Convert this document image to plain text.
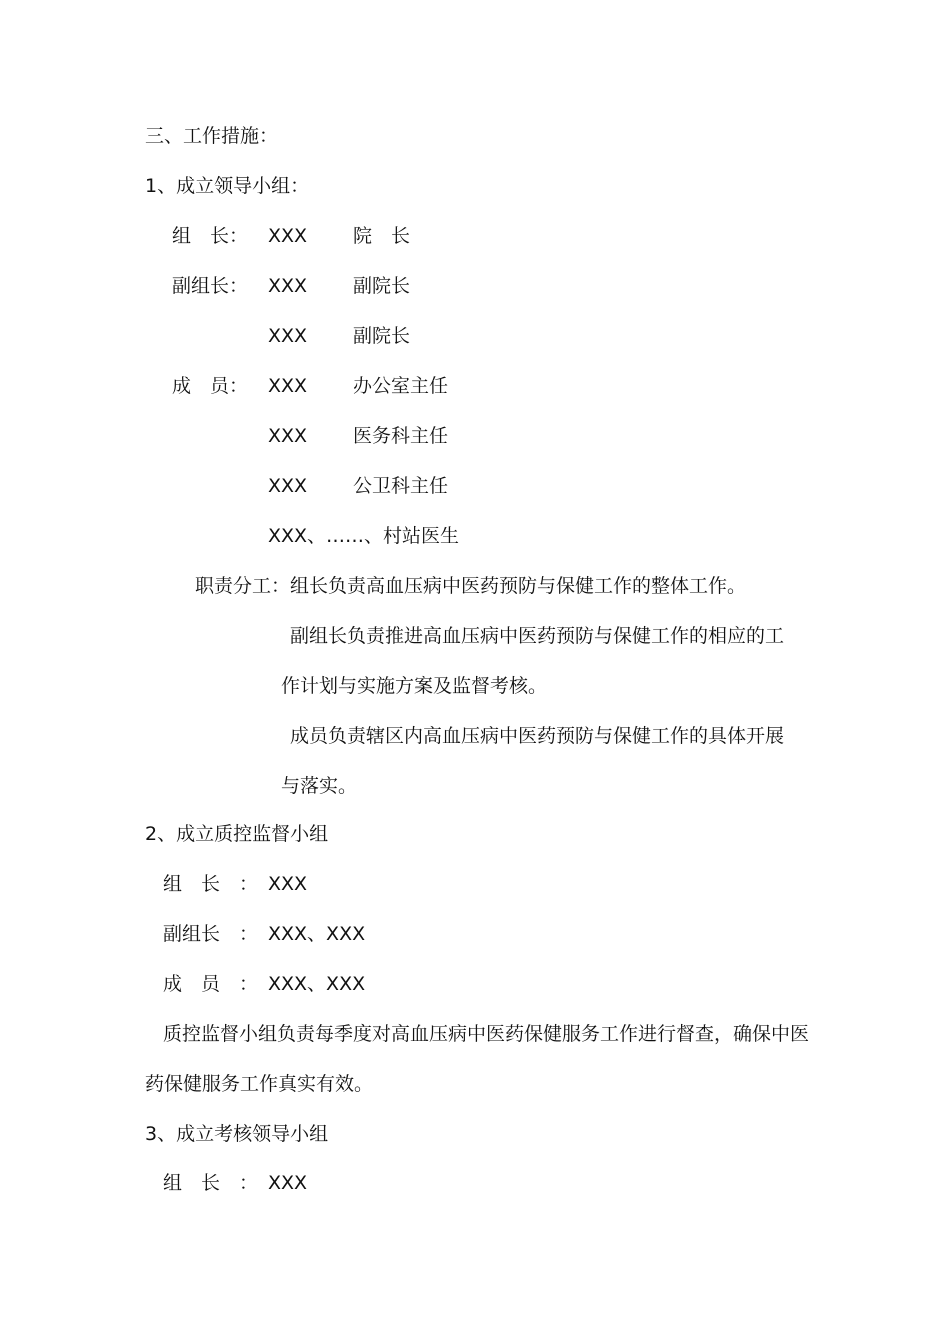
三、工作措施：
1、成立领导小组：
组　长： XXX 院　长
副组长： XXX 副院长
XXX 副院长
成　员： XXX 办公室主任
XXX 医务科主任
XXX 公卫科主任
XXX、……、村站医生
职责分工： 组长负责高血压病中医药预防与保健工作的整体工作。
副组长负责推进高血压病中医药预防与保健工作的相应的工
作计划与实施方案及监督考核。
成员负责辖区内高血压病中医药预防与保健工作的具体开展
与落实。
2、成立质控监督小组
组　长　： XXX
副组长　： XXX、XXX
成　员　： XXX、XXX
质控监督小组负责每季度对高血压病中医药保健服务工作进行督查，确保中医
药保健服务工作真实有效。
3、成立考核领导小组
组　长　： XXX
